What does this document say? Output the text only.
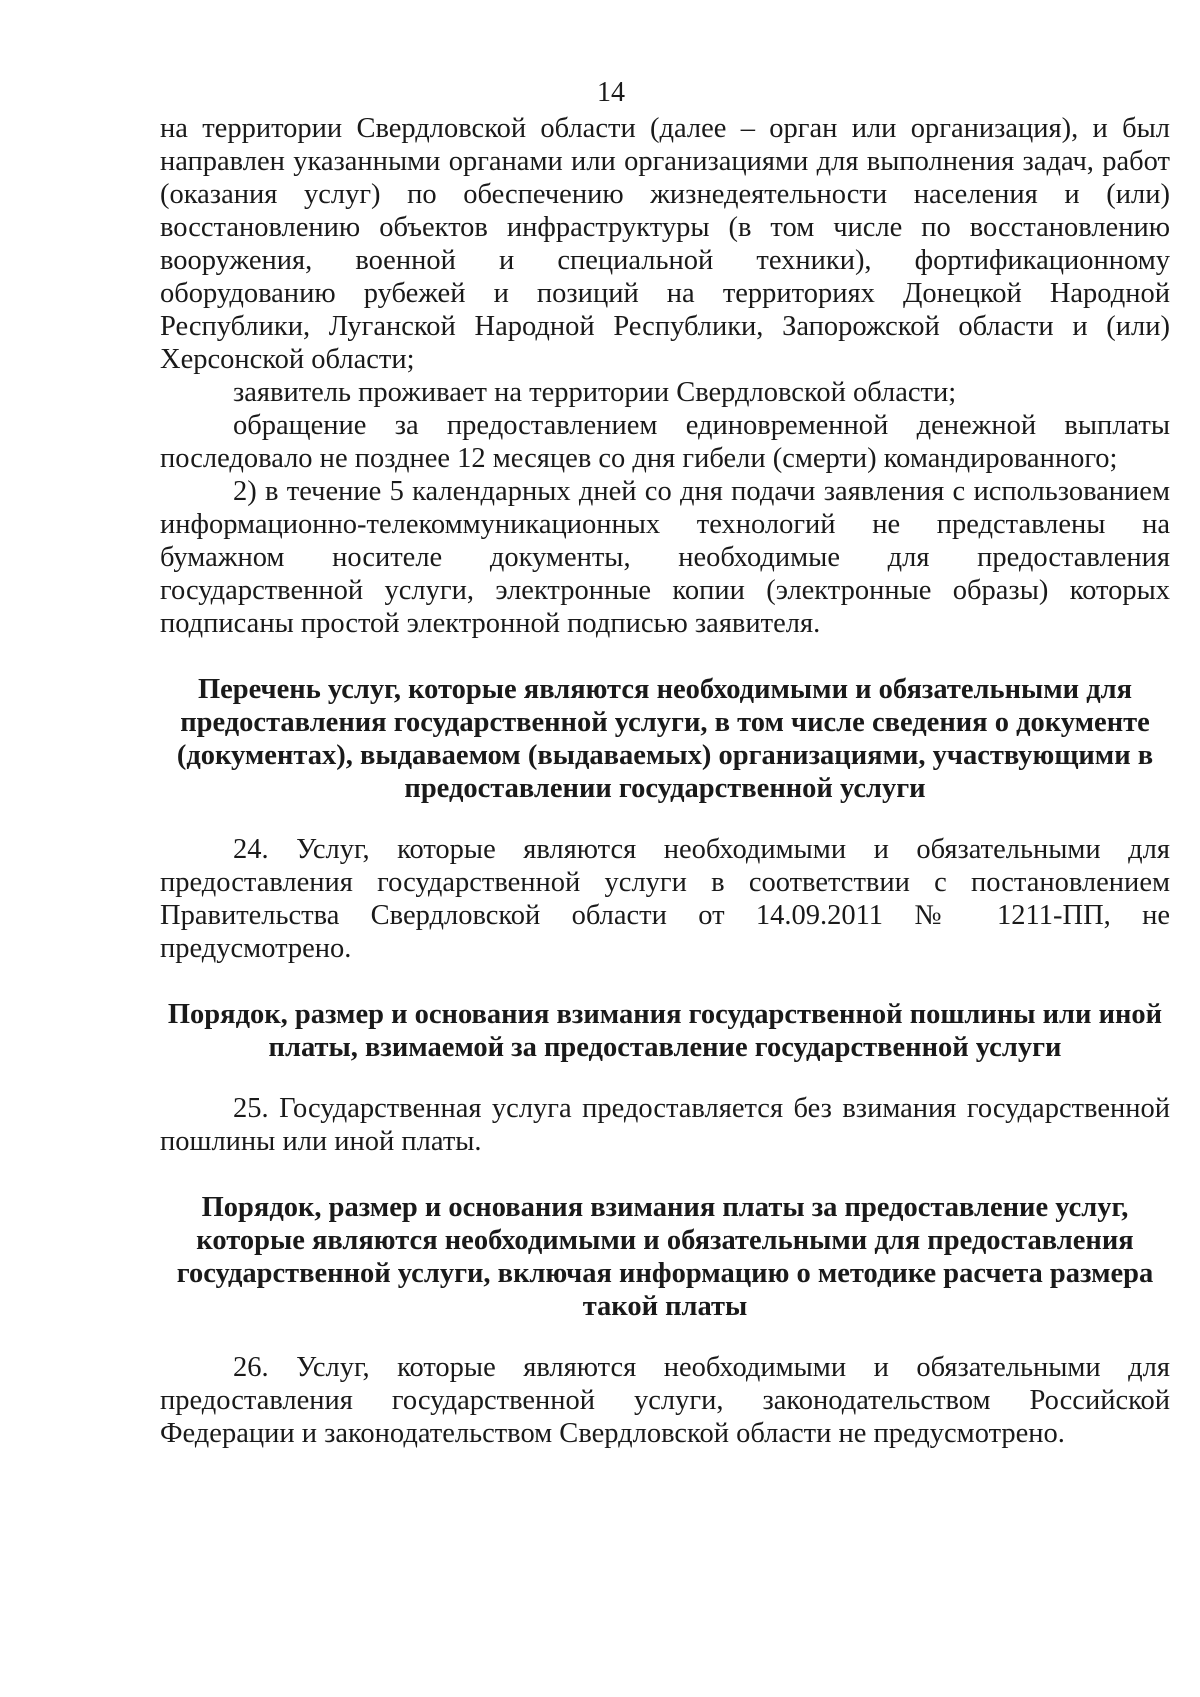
14

на территории Свердловской области (далее – орган или организация), и был направлен указанными органами или организациями для выполнения задач, работ (оказания услуг) по обеспечению жизнедеятельности населения и (или) восстановлению объектов инфраструктуры (в том числе по восстановлению вооружения, военной и специальной техники), фортификационному оборудованию рубежей и позиций на территориях Донецкой Народной Республики, Луганской Народной Республики, Запорожской области и (или) Херсонской области;

заявитель проживает на территории Свердловской области;

обращение за предоставлением единовременной денежной выплаты последовало не позднее 12 месяцев со дня гибели (смерти) командированного;

2) в течение 5 календарных дней со дня подачи заявления с использованием информационно-телекоммуникационных технологий не представлены на бумажном носителе документы, необходимые для предоставления государственной услуги, электронные копии (электронные образы) которых подписаны простой электронной подписью заявителя.

Перечень услуг, которые являются необходимыми и обязательными для предоставления государственной услуги, в том числе сведения о документе (документах), выдаваемом (выдаваемых) организациями, участвующими в предоставлении государственной услуги

24. Услуг, которые являются необходимыми и обязательными для предоставления государственной услуги в соответствии с постановлением Правительства Свердловской области от 14.09.2011 № 1211-ПП, не предусмотрено.

Порядок, размер и основания взимания государственной пошлины или иной платы, взимаемой за предоставление государственной услуги

25. Государственная услуга предоставляется без взимания государственной пошлины или иной платы.

Порядок, размер и основания взимания платы за предоставление услуг, которые являются необходимыми и обязательными для предоставления государственной услуги, включая информацию о методике расчета размера такой платы

26. Услуг, которые являются необходимыми и обязательными для предоставления государственной услуги, законодательством Российской Федерации и законодательством Свердловской области не предусмотрено.
